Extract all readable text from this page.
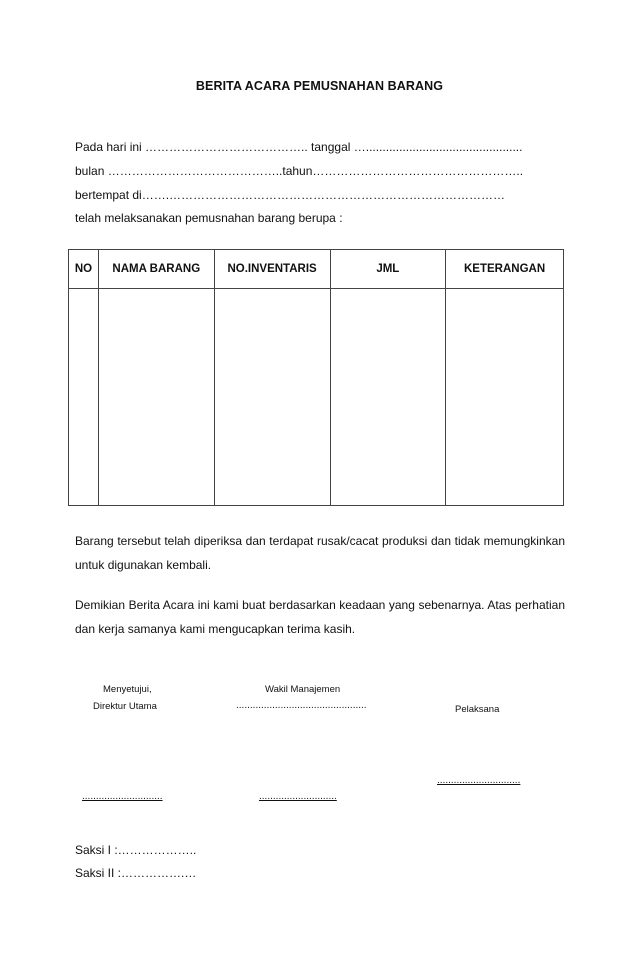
BERITA ACARA PEMUSNAHAN BARANG
Pada hari ini ………………………………….. tanggal …...............................................
bulan ……………………………………..tahun……………………………………………..
bertempat di…….…………………………………………………………………………
telah melaksanakan pemusnahan barang berupa :
NO	NAMA BARANG	NO.INVENTARIS	JML	KETERANGAN

Barang tersebut telah diperiksa dan terdapat rusak/cacat produksi dan tidak memungkinkan untuk digunakan kembali.
Demikian Berita Acara ini kami buat berdasarkan keadaan yang sebenarnya. Atas perhatian dan kerja samanya kami mengucapkan terima kasih.
Menyetujui,
Direktur Utama
Wakil Manajemen
...............................................	Pelaksana
..............................
.............................	............................
Saksi I :………………..
Saksi II :…………….…
